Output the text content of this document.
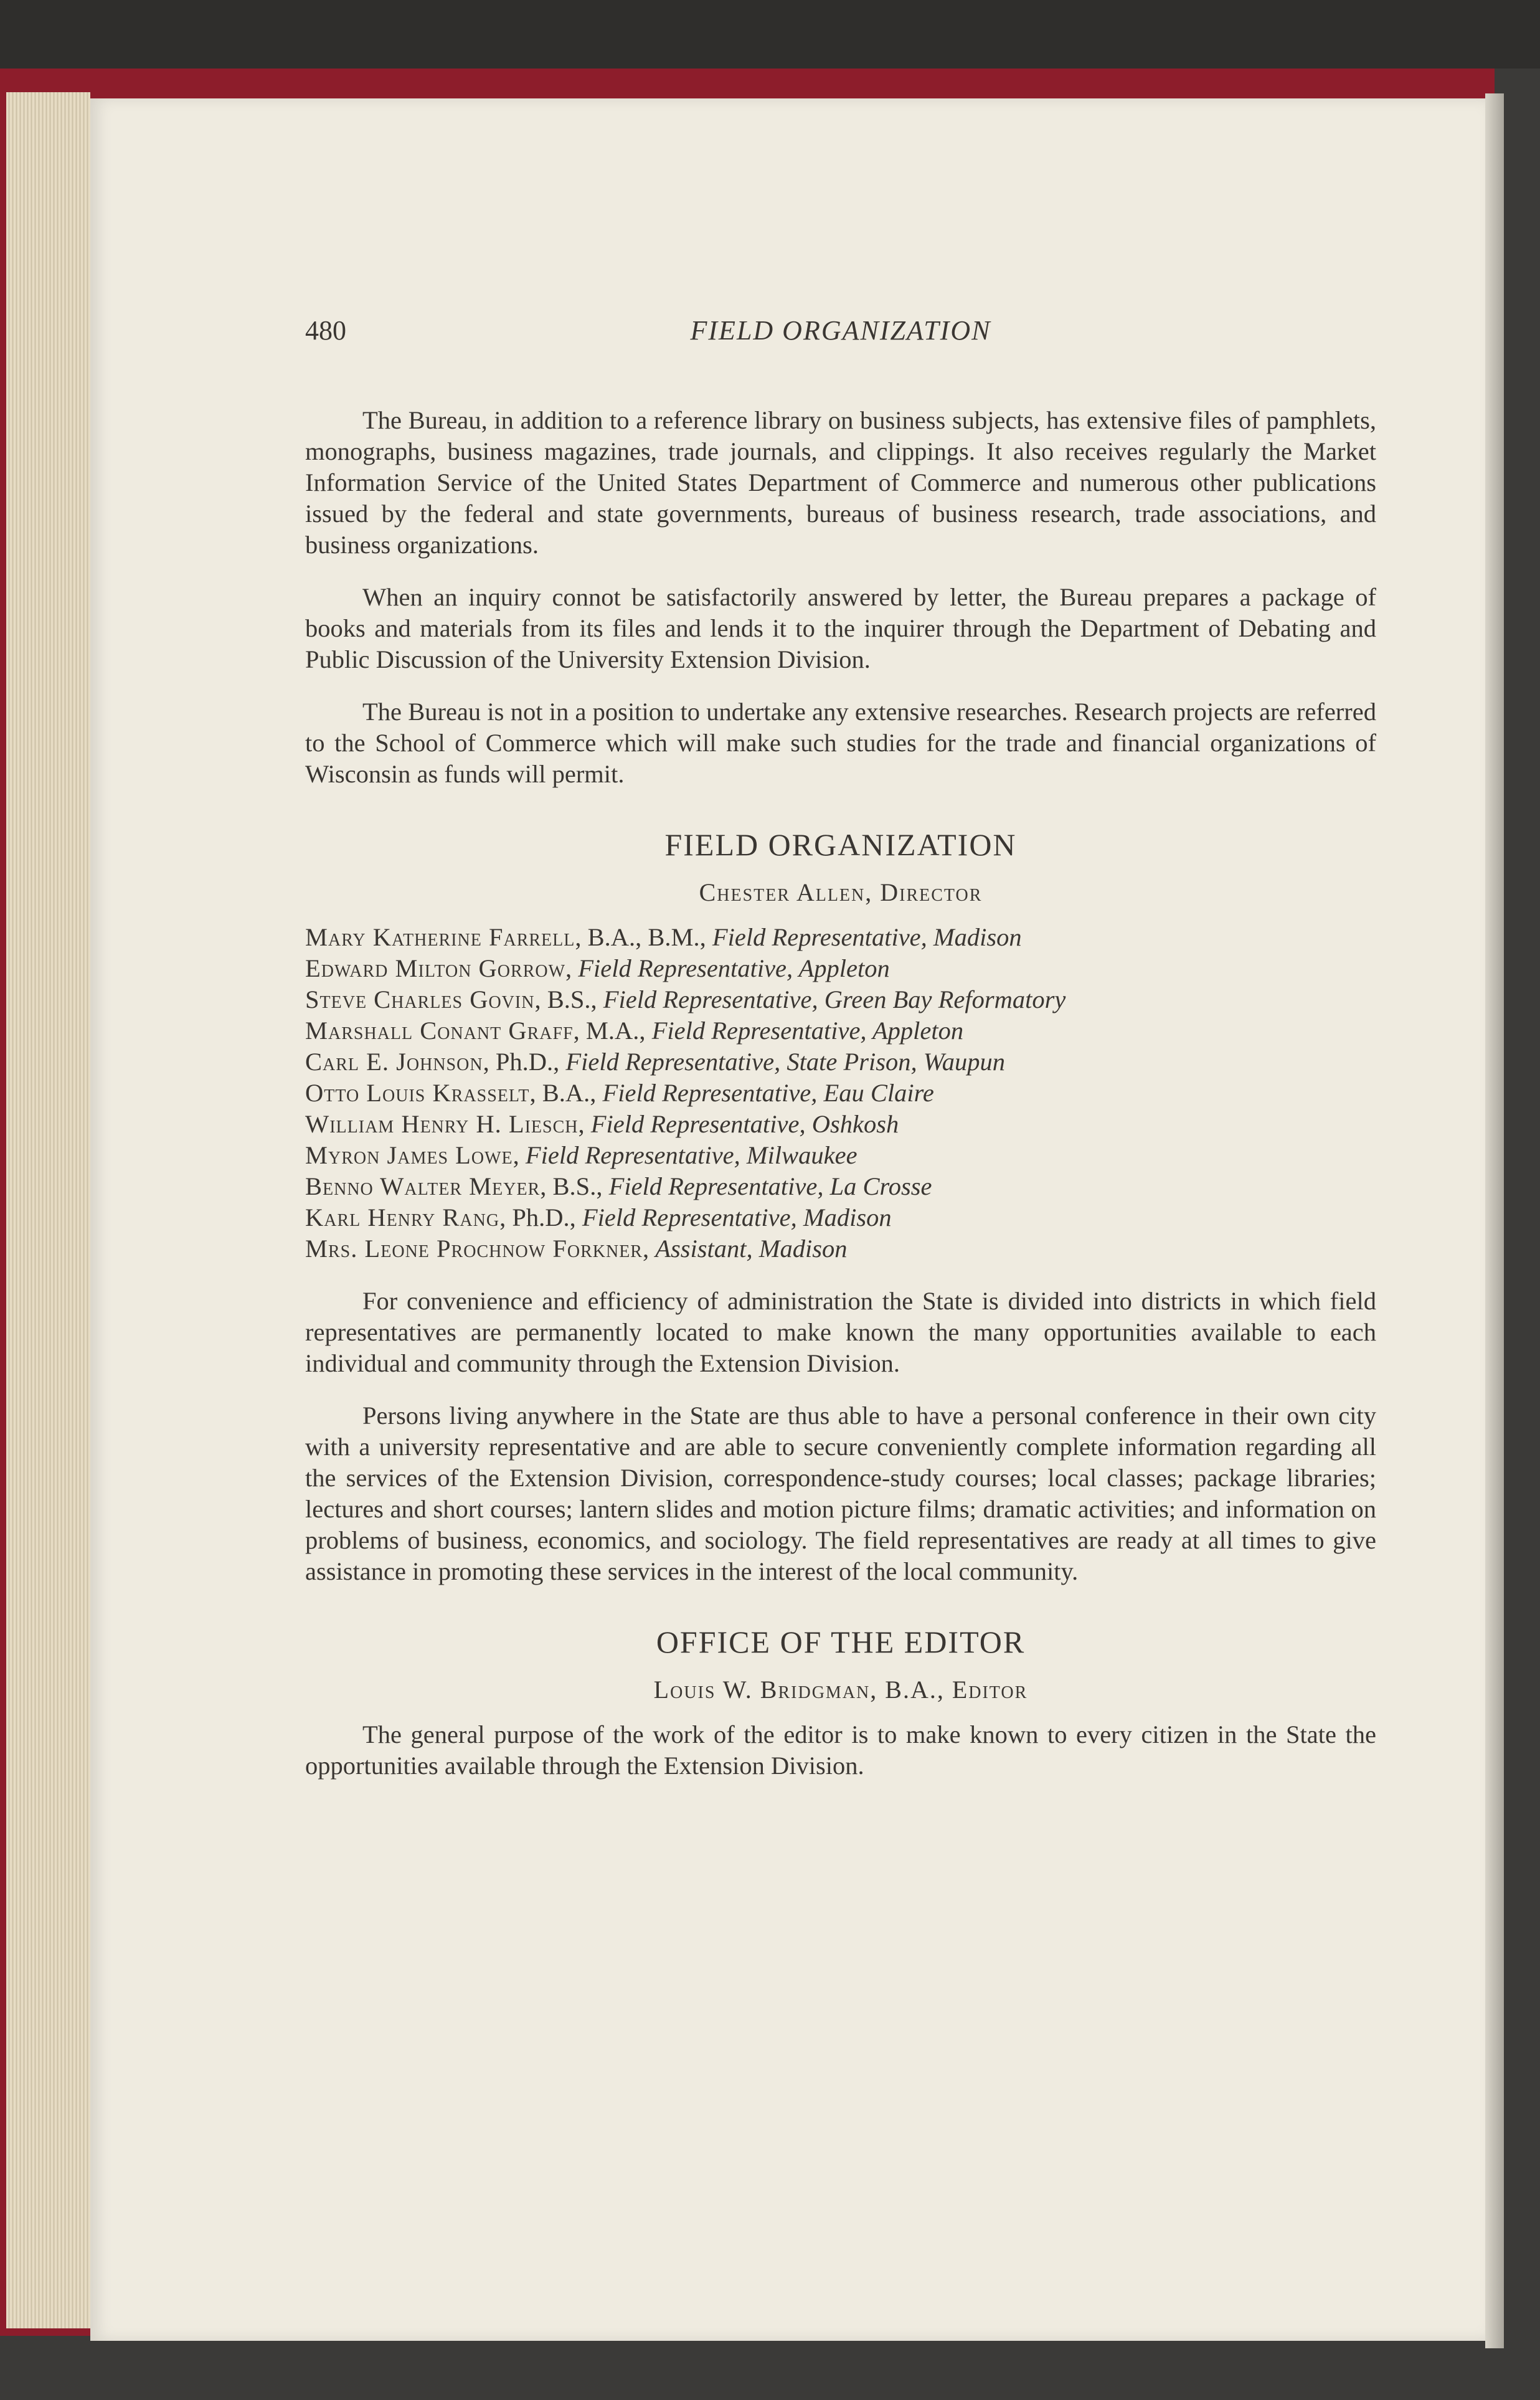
480	FIELD ORGANIZATION

The Bureau, in addition to a reference library on business subjects, has extensive files of pamphlets, monographs, business magazines, trade journals, and clippings. It also receives regularly the Market Information Service of the United States Department of Commerce and numerous other publications issued by the federal and state governments, bureaus of business research, trade associations, and business organizations.

When an inquiry connot be satisfactorily answered by letter, the Bureau prepares a package of books and materials from its files and lends it to the inquirer through the Department of Debating and Public Discussion of the University Extension Division.

The Bureau is not in a position to undertake any extensive researches. Research projects are referred to the School of Commerce which will make such studies for the trade and financial organizations of Wisconsin as funds will permit.

FIELD ORGANIZATION
Chester Allen, Director
Mary Katherine Farrell, B.A., B.M., Field Representative, Madison
Edward Milton Gorrow, Field Representative, Appleton
Steve Charles Govin, B.S., Field Representative, Green Bay Reformatory
Marshall Conant Graff, M.A., Field Representative, Appleton
Carl E. Johnson, Ph.D., Field Representative, State Prison, Waupun
Otto Louis Krasselt, B.A., Field Representative, Eau Claire
William Henry H. Liesch, Field Representative, Oshkosh
Myron James Lowe, Field Representative, Milwaukee
Benno Walter Meyer, B.S., Field Representative, La Crosse
Karl Henry Rang, Ph.D., Field Representative, Madison
Mrs. Leone Prochnow Forkner, Assistant, Madison

For convenience and efficiency of administration the State is divided into districts in which field representatives are permanently located to make known the many opportunities available to each individual and community through the Extension Division.

Persons living anywhere in the State are thus able to have a personal conference in their own city with a university representative and are able to secure conveniently complete information regarding all the services of the Extension Division, correspondence-study courses; local classes; package libraries; lectures and short courses; lantern slides and motion picture films; dramatic activities; and information on problems of business, economics, and sociology. The field representatives are ready at all times to give assistance in promoting these services in the interest of the local community.

OFFICE OF THE EDITOR
Louis W. Bridgman, B.A., Editor

The general purpose of the work of the editor is to make known to every citizen in the State the opportunities available through the Extension Division.
